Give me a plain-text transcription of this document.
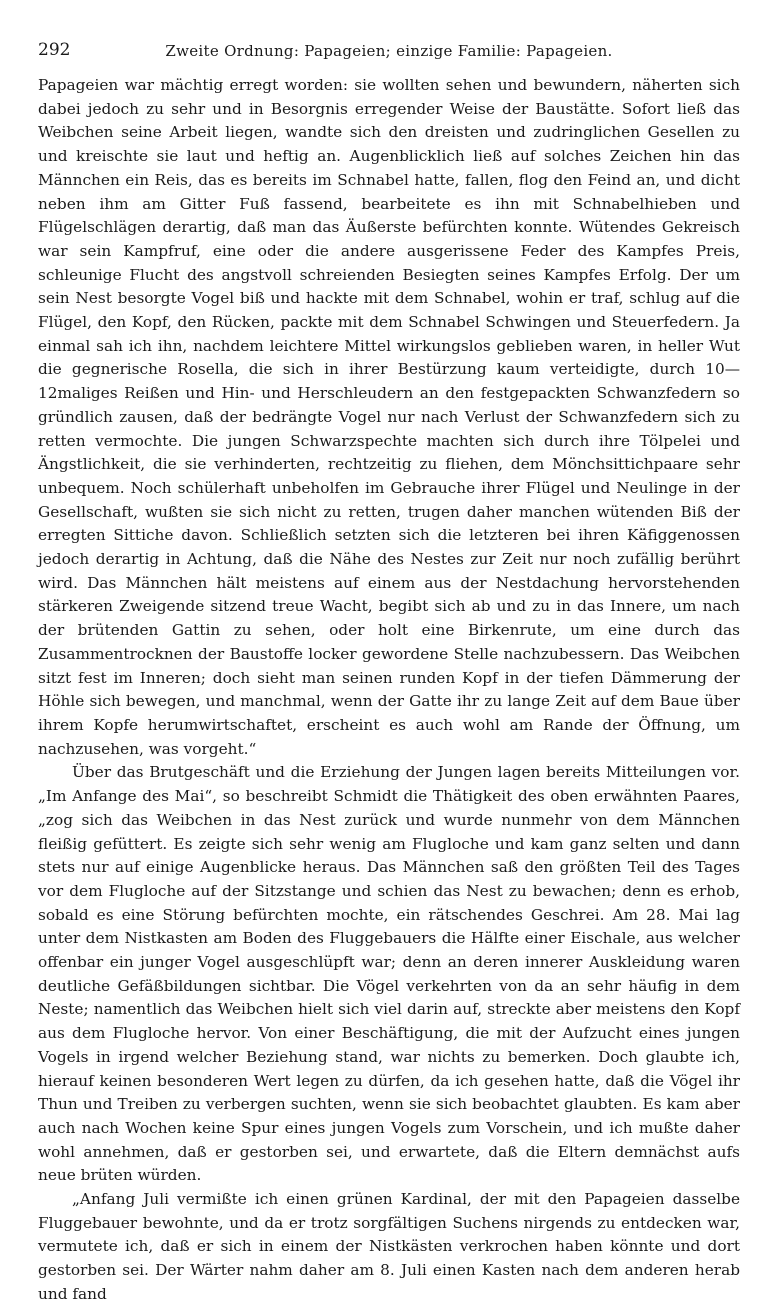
292	Zweite Ordnung: Papageien; einzige Familie: Papageien.

Papageien war mächtig erregt worden: sie wollten sehen und bewundern, näherten sich dabei jedoch zu sehr und in Besorgnis erregender Weise der Baustätte. Sofort ließ das Weibchen seine Arbeit liegen, wandte sich den dreisten und zudringlichen Gesellen zu und kreischte sie laut und heftig an. Augenblicklich ließ auf solches Zeichen hin das Männchen ein Reis, das es bereits im Schnabel hatte, fallen, flog den Feind an, und dicht neben ihm am Gitter Fuß fassend, bearbeitete es ihn mit Schnabelhieben und Flügelschlägen derartig, daß man das Äußerste befürchten konnte. Wütendes Gekreisch war sein Kampfruf, eine oder die andere ausgerissene Feder des Kampfes Preis, schleunige Flucht des angstvoll schreienden Besiegten seines Kampfes Erfolg. Der um sein Nest besorgte Vogel biß und hackte mit dem Schnabel, wohin er traf, schlug auf die Flügel, den Kopf, den Rücken, packte mit dem Schnabel Schwingen und Steuerfedern. Ja einmal sah ich ihn, nachdem leichtere Mittel wirkungslos geblieben waren, in heller Wut die gegnerische Rosella, die sich in ihrer Bestürzung kaum verteidigte, durch 10—12maliges Reißen und Hin- und Herschleudern an den festgepackten Schwanzfedern so gründlich zausen, daß der bedrängte Vogel nur nach Verlust der Schwanzfedern sich zu retten vermochte. Die jungen Schwarzspechte machten sich durch ihre Tölpelei und Ängstlichkeit, die sie verhinderten, rechtzeitig zu fliehen, dem Mönchsittichpaare sehr unbequem. Noch schülerhaft unbeholfen im Gebrauche ihrer Flügel und Neulinge in der Gesellschaft, wußten sie sich nicht zu retten, trugen daher manchen wütenden Biß der erregten Sittiche davon. Schließlich setzten sich die letzteren bei ihren Käfiggenossen jedoch derartig in Achtung, daß die Nähe des Nestes zur Zeit nur noch zufällig berührt wird. Das Männchen hält meistens auf einem aus der Nestdachung hervorstehenden stärkeren Zweigende sitzend treue Wacht, begibt sich ab und zu in das Innere, um nach der brütenden Gattin zu sehen, oder holt eine Birkenrute, um eine durch das Zusammentrocknen der Baustoffe locker gewordene Stelle nachzubessern. Das Weibchen sitzt fest im Inneren; doch sieht man seinen runden Kopf in der tiefen Dämmerung der Höhle sich bewegen, und manchmal, wenn der Gatte ihr zu lange Zeit auf dem Baue über ihrem Kopfe herumwirtschaftet, erscheint es auch wohl am Rande der Öffnung, um nachzusehen, was vorgeht.“

Über das Brutgeschäft und die Erziehung der Jungen lagen bereits Mitteilungen vor. „Im Anfange des Mai“, so beschreibt Schmidt die Thätigkeit des oben erwähnten Paares, „zog sich das Weibchen in das Nest zurück und wurde nunmehr von dem Männchen fleißig gefüttert. Es zeigte sich sehr wenig am Flugloche und kam ganz selten und dann stets nur auf einige Augenblicke heraus. Das Männchen saß den größten Teil des Tages vor dem Flugloche auf der Sitzstange und schien das Nest zu bewachen; denn es erhob, sobald es eine Störung befürchten mochte, ein rätschendes Geschrei. Am 28. Mai lag unter dem Nistkasten am Boden des Fluggebauers die Hälfte einer Eischale, aus welcher offenbar ein junger Vogel ausgeschlüpft war; denn an deren innerer Auskleidung waren deutliche Gefäßbildungen sichtbar. Die Vögel verkehrten von da an sehr häufig in dem Neste; namentlich das Weibchen hielt sich viel darin auf, streckte aber meistens den Kopf aus dem Flugloche hervor. Von einer Beschäftigung, die mit der Aufzucht eines jungen Vogels in irgend welcher Beziehung stand, war nichts zu bemerken. Doch glaubte ich, hierauf keinen besonderen Wert legen zu dürfen, da ich gesehen hatte, daß die Vögel ihr Thun und Treiben zu verbergen suchten, wenn sie sich beobachtet glaubten. Es kam aber auch nach Wochen keine Spur eines jungen Vogels zum Vorschein, und ich mußte daher wohl annehmen, daß er gestorben sei, und erwartete, daß die Eltern demnächst aufs neue brüten würden.

„Anfang Juli vermißte ich einen grünen Kardinal, der mit den Papageien dasselbe Fluggebauer bewohnte, und da er trotz sorgfältigen Suchens nirgends zu entdecken war, vermutete ich, daß er sich in einem der Nistkästen verkrochen haben könnte und dort gestorben sei. Der Wärter nahm daher am 8. Juli einen Kasten nach dem anderen herab und fand
